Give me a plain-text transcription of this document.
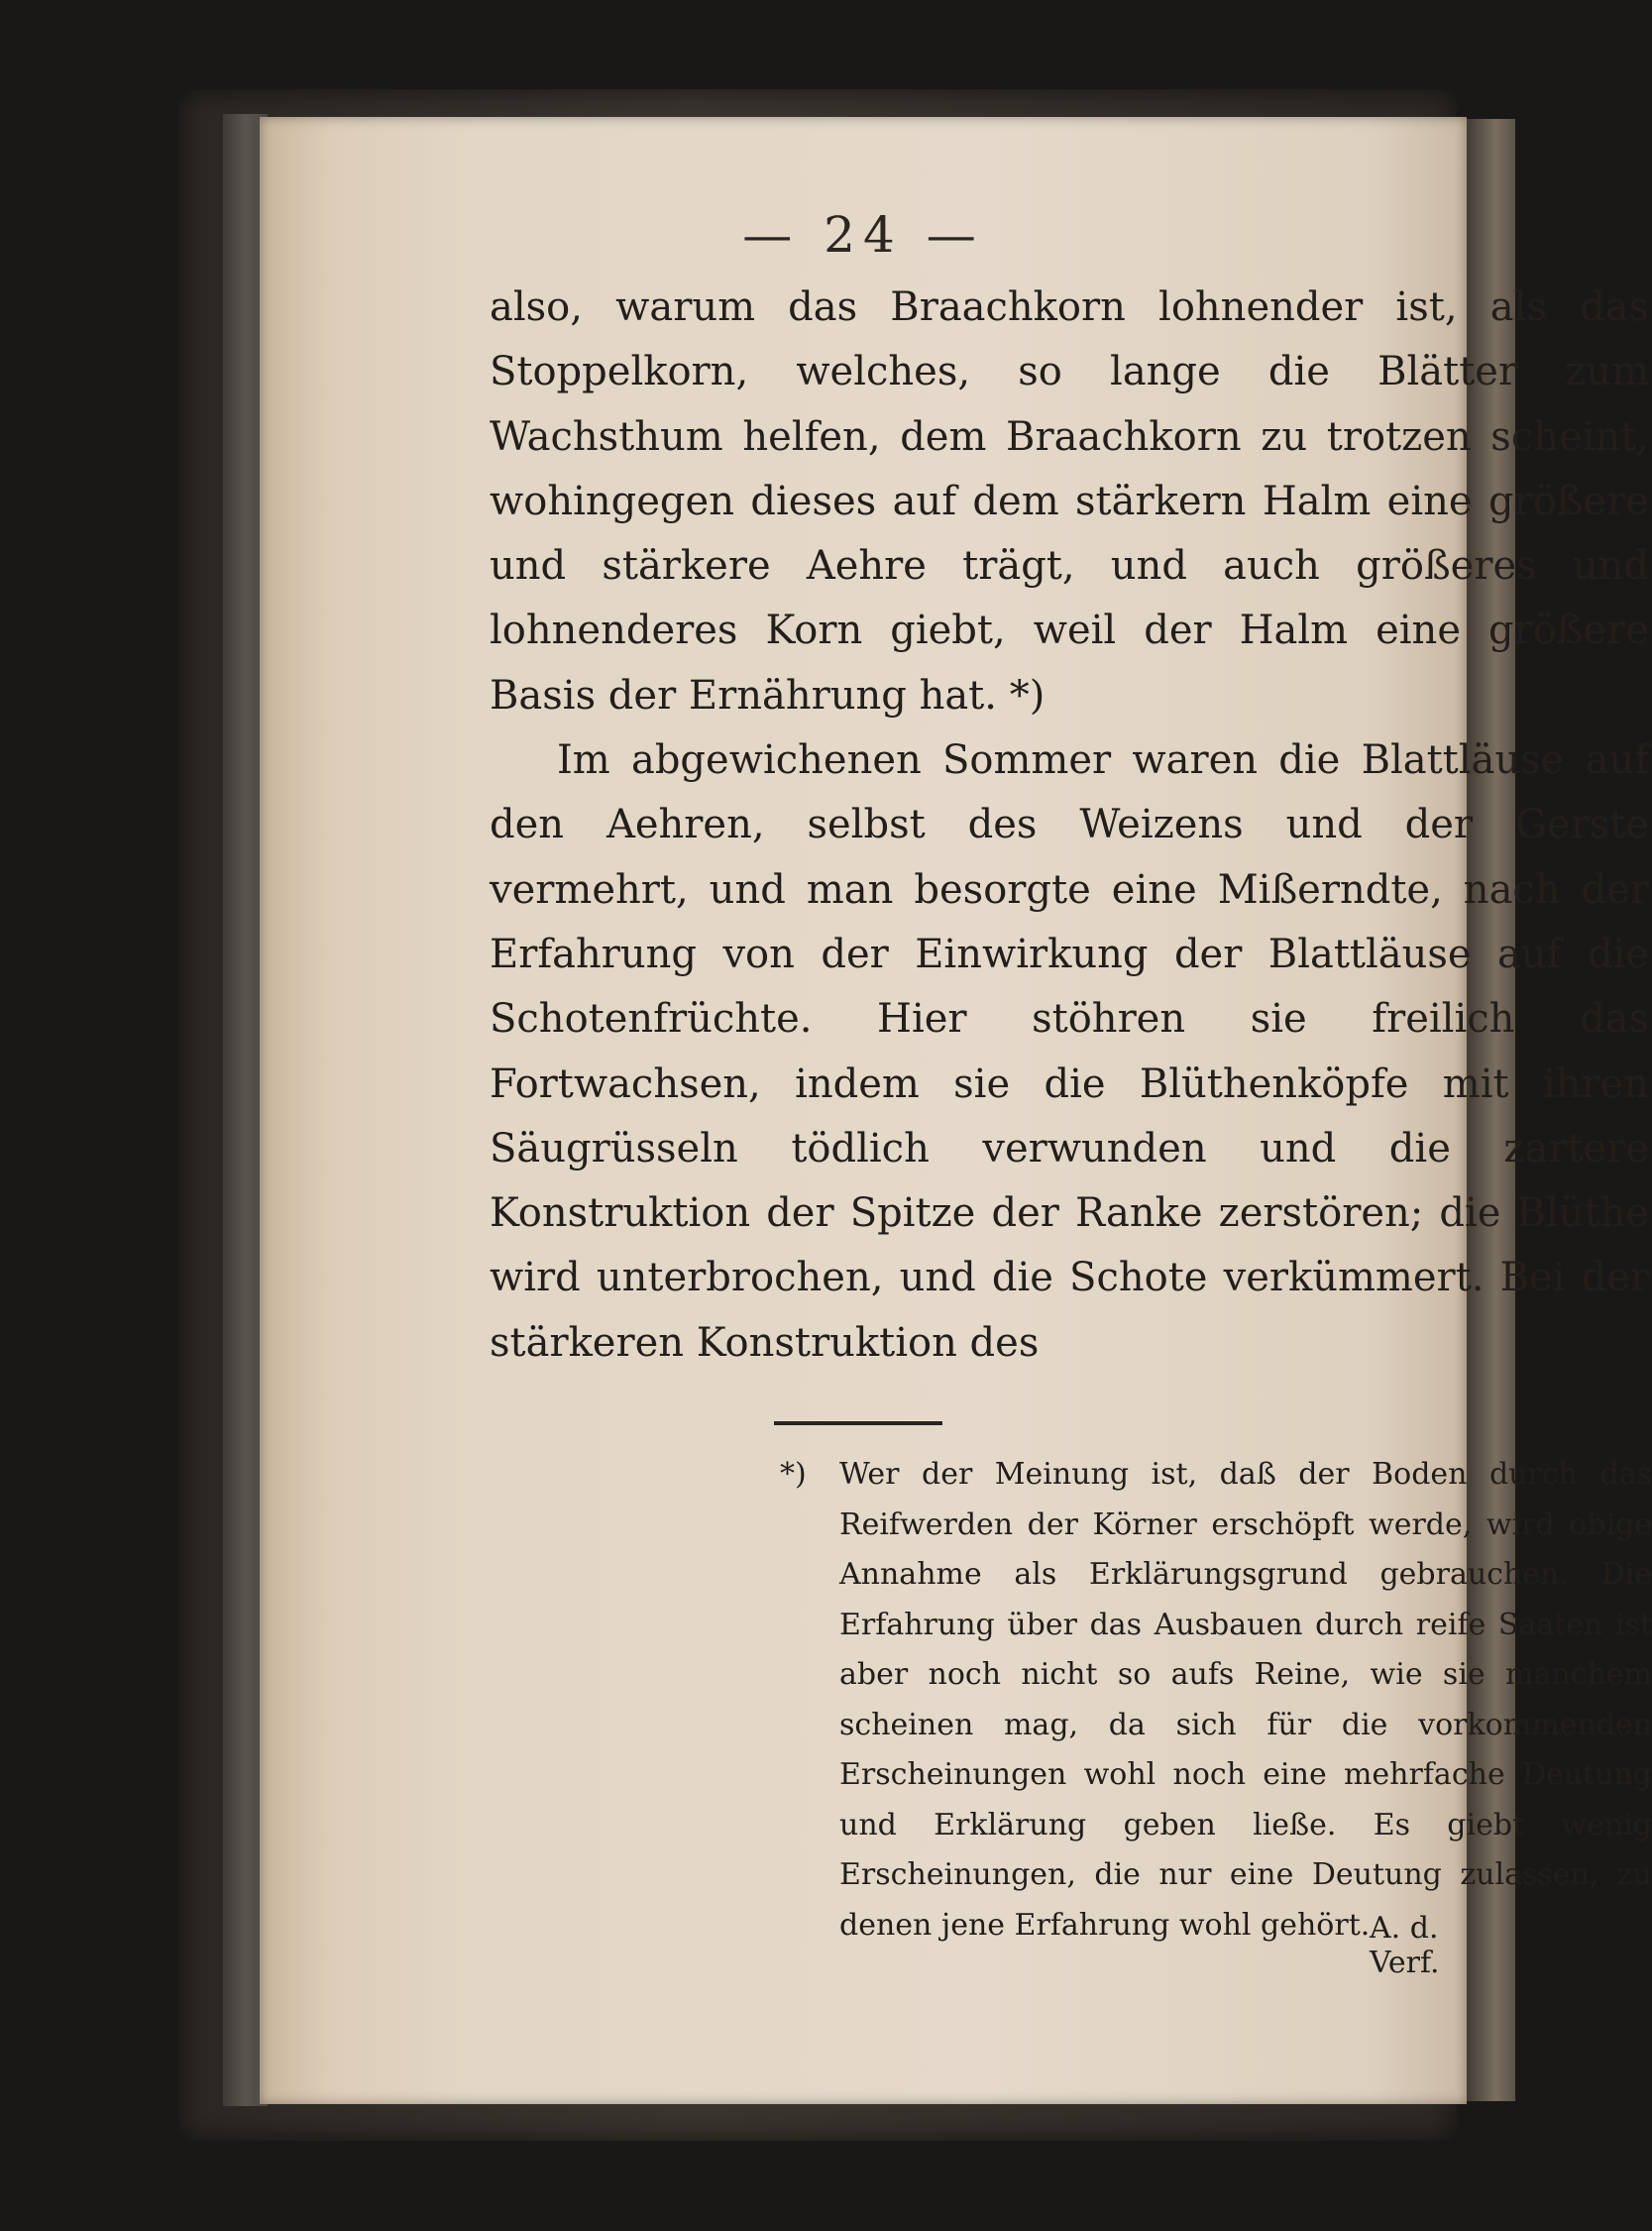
— 24 —

also, warum das Braachkorn lohnender ist, als das Stoppelkorn, welches, so lange die Blätter zum Wachsthum helfen, dem Braachkorn zu trotzen scheint, wohingegen dieses auf dem stärkern Halm eine größere und stärkere Aehre trägt, und auch größeres und lohnenderes Korn giebt, weil der Halm eine größere Basis der Ernährung hat. *)

Im abgewichenen Sommer waren die Blattläuse auf den Aehren, selbst des Weizens und der Gerste vermehrt, und man besorgte eine Mißerndte, nach der Erfahrung von der Einwirkung der Blattläuse auf die Schotenfrüchte. Hier stöhren sie freilich das Fortwachsen, indem sie die Blüthenköpfe mit ihren Säugrüsseln tödlich verwunden und die zartere Konstruktion der Spitze der Ranke zerstören; die Blüthe wird unterbrochen, und die Schote verkümmert. Bei der stärkeren Konstruktion des

*)	Wer der Meinung ist, daß der Boden durch das Reifwerden der Körner erschöpft werde, wird obige Annahme als Erklärungsgrund gebrauchen. Die Erfahrung über das Ausbauen durch reife Saaten ist aber noch nicht so aufs Reine, wie sie manchem scheinen mag, da sich für die vorkommenden Erscheinungen wohl noch eine mehrfache Deutung und Erklärung geben ließe. Es giebt wenig Erscheinungen, die nur eine Deutung zulassen, zu denen jene Erfahrung wohl gehört. A. d. Verf.
